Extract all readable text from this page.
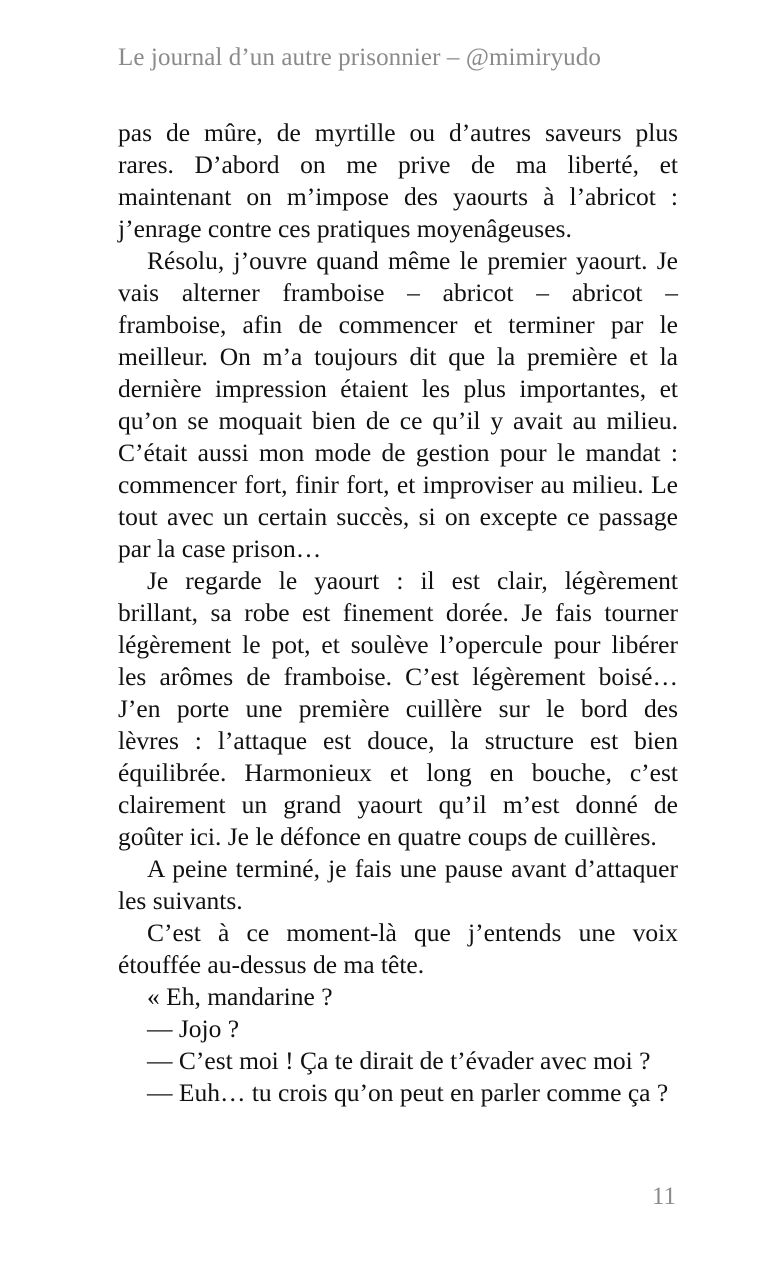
Le journal d’un autre prisonnier – @mimiryudo

pas de mûre, de myrtille ou d’autres saveurs plus rares. D’abord on me prive de ma liberté, et maintenant on m’impose des yaourts à l’abricot : j’enrage contre ces pratiques moyenâgeuses.

Résolu, j’ouvre quand même le premier yaourt. Je vais alterner framboise – abricot – abricot – framboise, afin de commencer et terminer par le meilleur. On m’a toujours dit que la première et la dernière impression étaient les plus importantes, et qu’on se moquait bien de ce qu’il y avait au milieu. C’était aussi mon mode de gestion pour le mandat : commencer fort, finir fort, et improviser au milieu. Le tout avec un certain succès, si on excepte ce passage par la case prison…

Je regarde le yaourt : il est clair, légèrement brillant, sa robe est finement dorée. Je fais tourner légèrement le pot, et soulève l’opercule pour libérer les arômes de framboise. C’est légèrement boisé… J’en porte une première cuillère sur le bord des lèvres : l’attaque est douce, la structure est bien équilibrée. Harmonieux et long en bouche, c’est clairement un grand yaourt qu’il m’est donné de goûter ici. Je le défonce en quatre coups de cuillères.

A peine terminé, je fais une pause avant d’attaquer les suivants.

C’est à ce moment-là que j’entends une voix étouffée au-dessus de ma tête.

« Eh, mandarine ?

— Jojo ?

— C’est moi ! Ça te dirait de t’évader avec moi ?

— Euh… tu crois qu’on peut en parler comme ça ?

11
